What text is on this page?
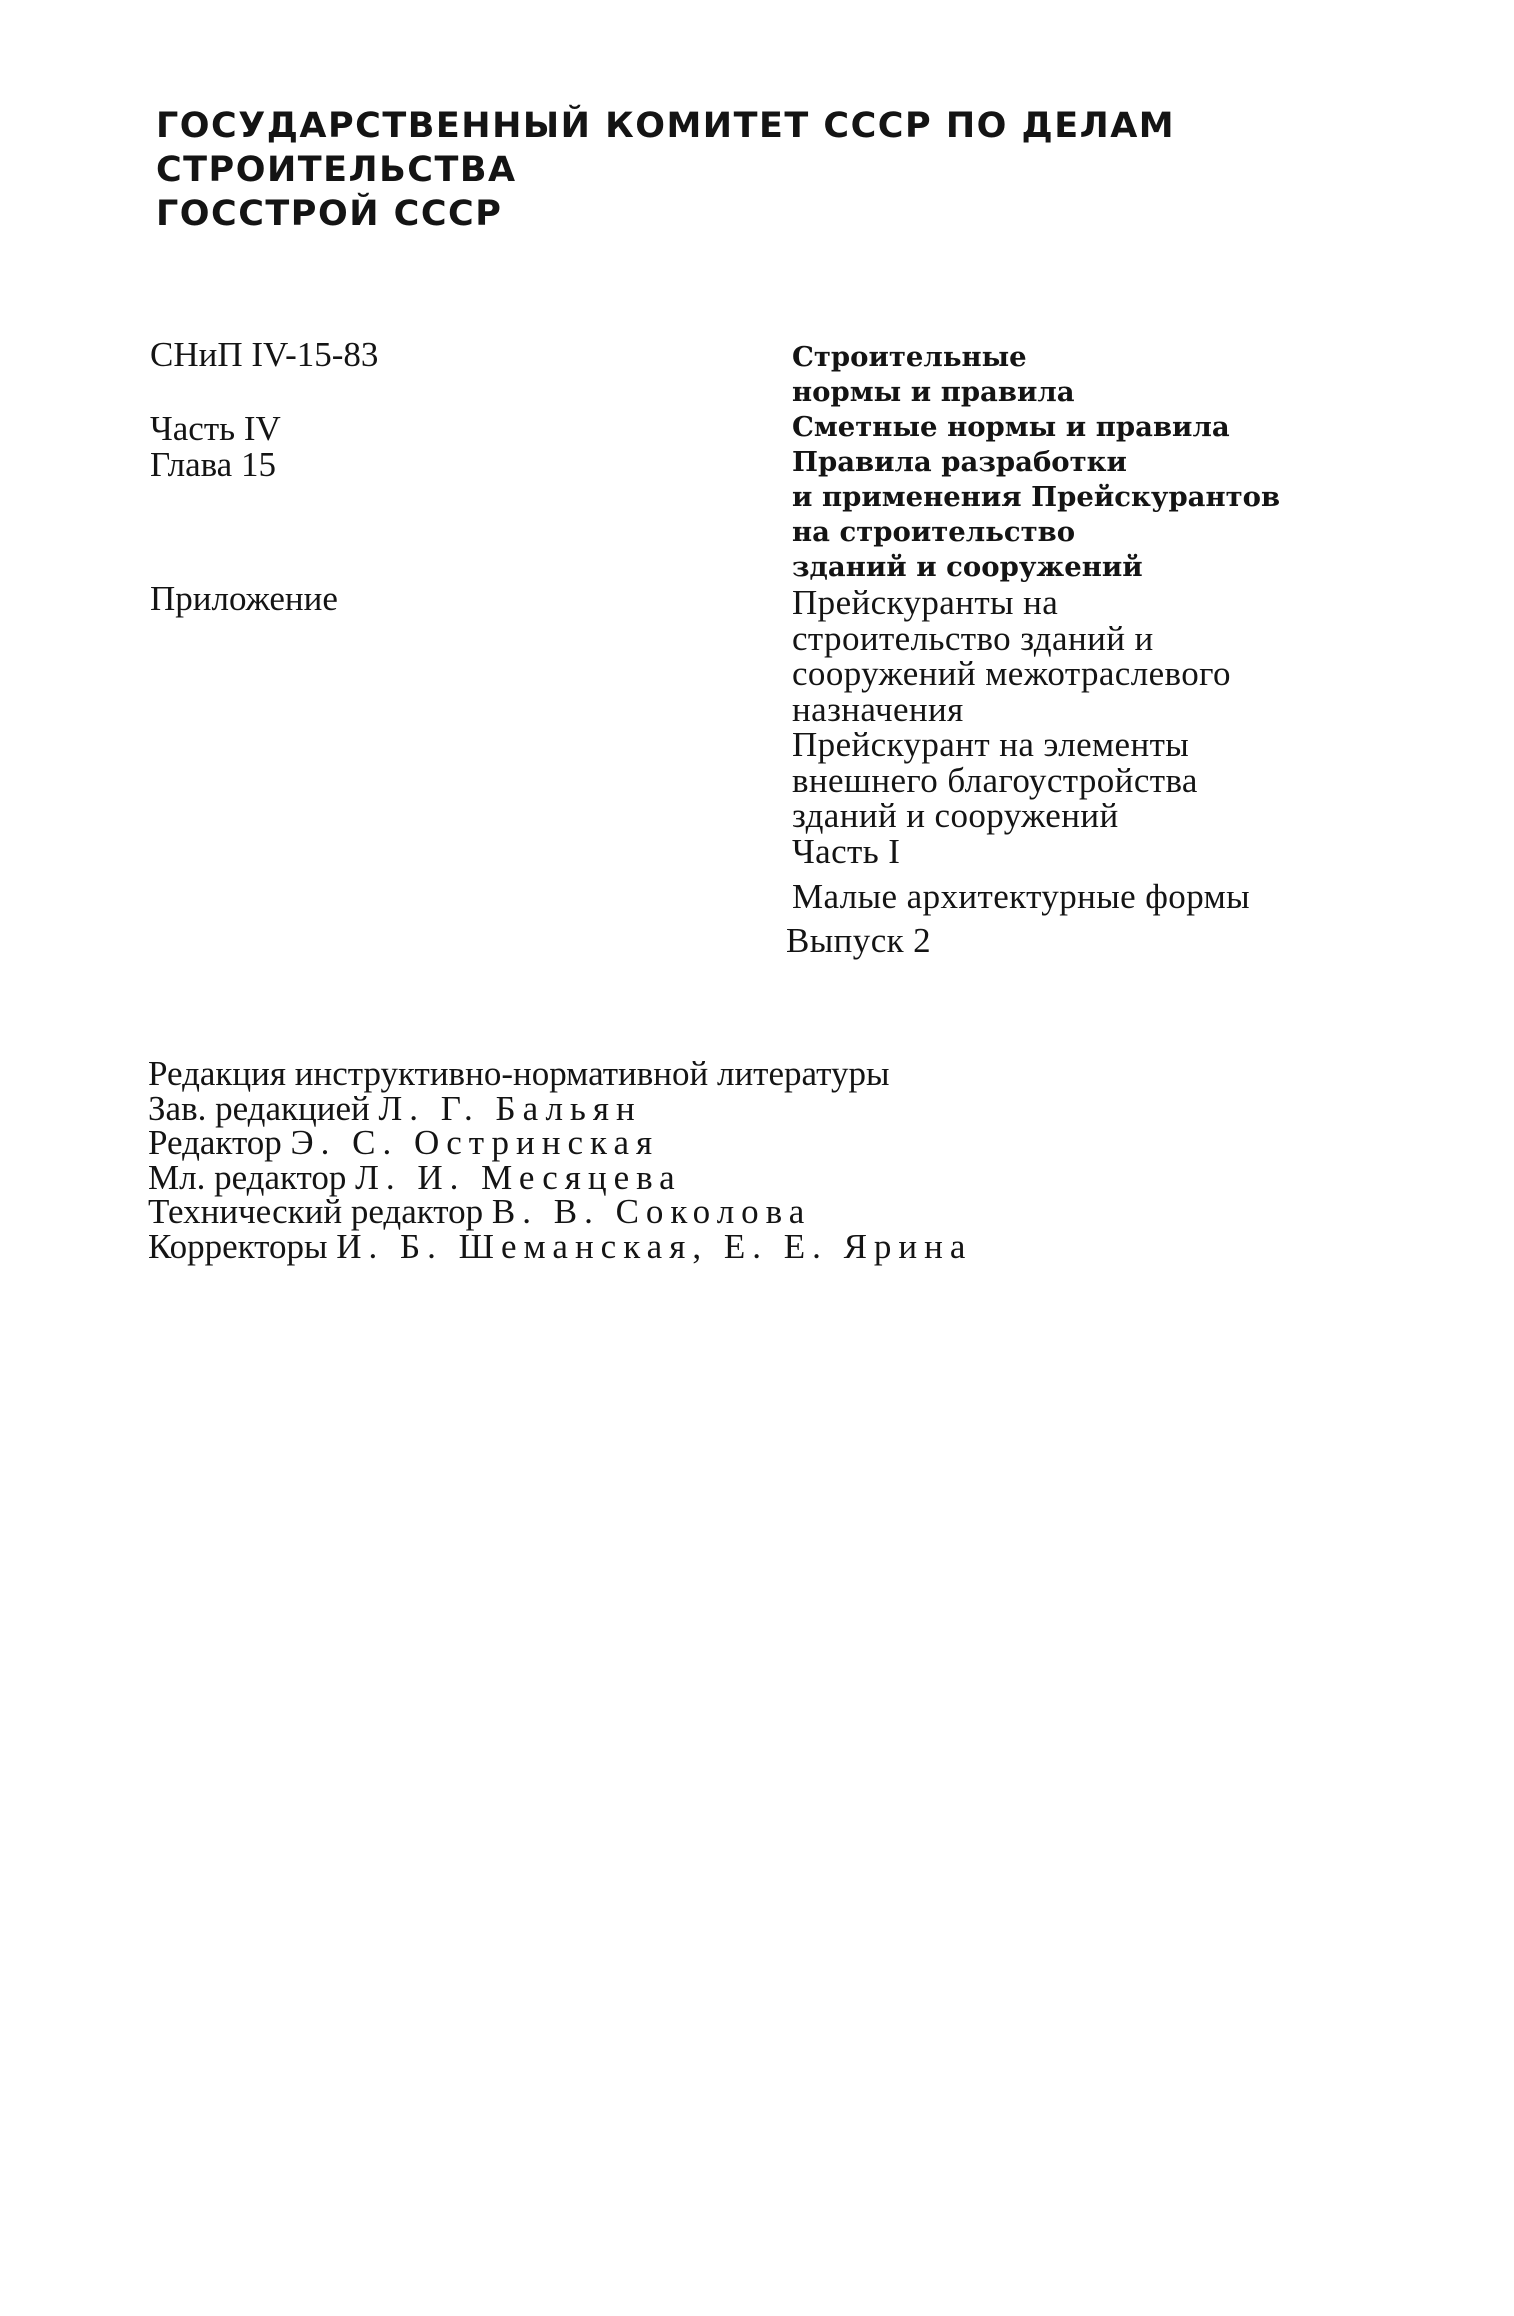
ГОСУДАРСТВЕННЫЙ КОМИТЕТ СССР ПО ДЕЛАМ
СТРОИТЕЛЬСТВА
ГОССТРОЙ СССР
СНиП IV-15-83
Часть IV
Глава 15
Приложение
Строительные
нормы и правила
Сметные нормы и правила
Правила разработки
и применения Прейскурантов
на строительство
зданий и сооружений
Прейскуранты на
строительство зданий и
сооружений межотраслевого
назначения
Прейскурант на элементы
внешнего благоустройства
зданий и сооружений
Часть I
Малые архитектурные формы
Выпуск 2
Редакция инструктивно-нормативной литературы
Зав. редакцией Л. Г. Бальян
Редактор Э. С. Остринская
Мл. редактор Л. И. Месяцева
Технический редактор В. В. Соколова
Корректоры И. Б. Шеманская, Е. Е. Ярина
